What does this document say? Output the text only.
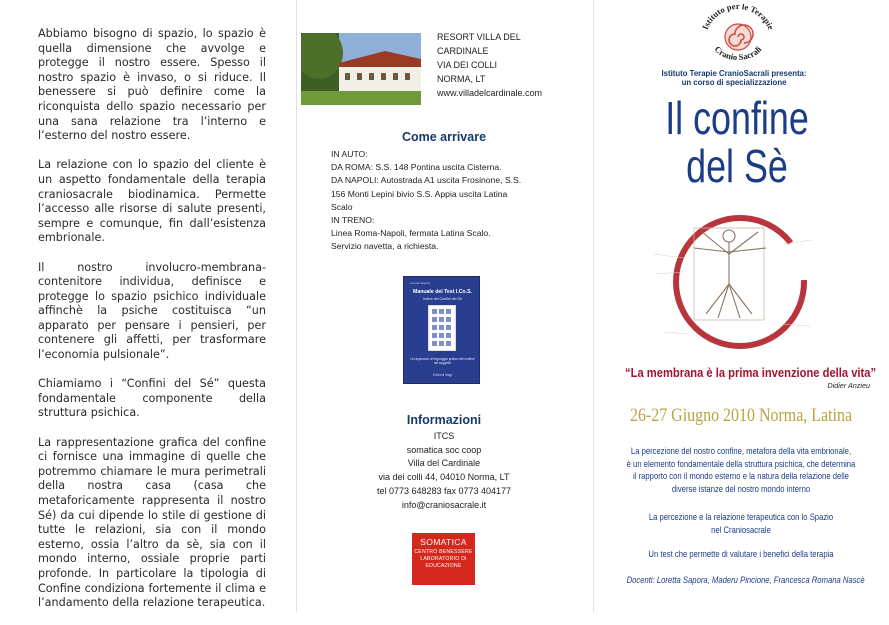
Abbiamo bisogno di spazio, lo spazio è quella dimensione che avvolge e protegge il nostro essere. Spesso il nostro spazio è invaso, o si riduce. Il benessere si può definire come la riconquista dello spazio necessario per una sana relazione tra l’interno e l’esterno del nostro essere.

La relazione con lo spazio del cliente è un aspetto fondamentale della terapia craniosacrale biodinamica. Permette l’accesso alle risorse di salute presenti, sempre e comunque, fin dall’esistenza embrionale.

Il nostro involucro-membrana-contenitore individua, definisce e protegge lo spazio psichico individuale affinchè la psiche costituisca “un apparato per pensare i pensieri, per contenere gli affetti, per trasformare l’economia pulsionale”.

Chiamiamo i “Confini del Sé” questa fondamentale componente della struttura psichica.

La rappresentazione grafica del confine ci fornisce una immagine di quelle che potremmo chiamare le mura perimetrali della nostra casa (casa che metaforicamente rappresenta il nostro Sé) da cui dipende lo stile di gestione di tutte le relazioni, sia con il mondo esterno, ossia l’altro da sè, sia con il mondo interno, ossiale proprie parti profonde. In particolare la tipologia di Confine condiziona fortemente il clima e l’andamento della relazione terapeutica.

RESORT VILLA DEL
CARDINALE
VIA DEI COLLI
NORMA, LT
www.villadelcardinale.com
Come arrivare
IN AUTO:
DA ROMA: S.S. 148 Pontina uscita Cisterna.
DA NAPOLI: Autostrada A1 uscita Frosinone, S.S.
156 Monti Lepini bivio S.S. Appia uscita Latina
Scalo
IN TRENO:
Linea Roma-Napoli, fermata Latina Scalo.
Servizio navetta, a richiesta.
Loretta Sapora
Manuale del Test I.Co.S.
Indice dei Confini del Sé
Un approccio al linguaggio grafico del confine del soggetto
Edizioni Magi
Informazioni
ITCS
somatica soc coop
Villa del Cardinale
via dei colli 44, 04010 Norma, LT
tel 0773 648283 fax 0773 404177
info@craniosacrale.it
SOMATICA
CENTRO BENESSERE
LABORATORIO DI
EDUCAZIONE
Istituto per le Terapie
Cranio Sacrali
Istituto Terapie CranioSacrali presenta:
un corso di specializzazione
Il confine
del Sè
“La membrana è la prima invenzione della vita”
Didier Anzieu
26-27 Giugno 2010 Norma, Latina
La percezione del nostro confine, metafora della vita embrionale,
è un elemento fondamentale della struttura psichica, che determina
il rapporto con il mondo esterno e la natura della relazione delle
diverse istanze del nostro mondo interno
La percezione e la relazione terapeutica con lo Spazio
nel Craniosacrale
Un test che permette di valutare i benefici della terapia
Docenti: Loretta Sapora, Maderu Pincione, Francesca Romana Nascè
